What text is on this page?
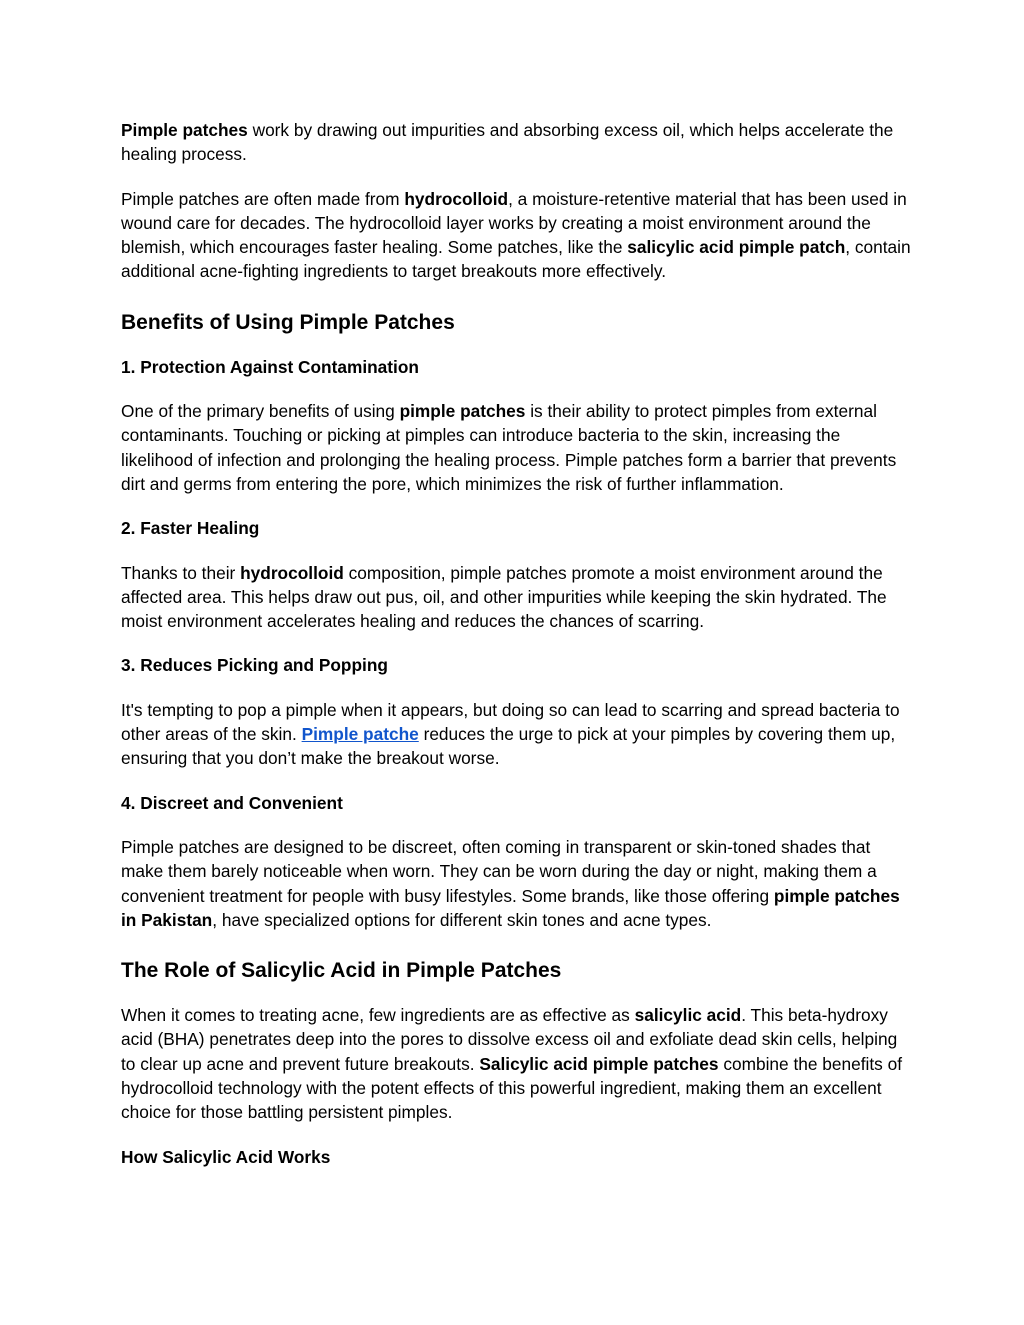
Pimple patches work by drawing out impurities and absorbing excess oil, which helps accelerate the healing process.

Pimple patches are often made from hydrocolloid, a moisture-retentive material that has been used in wound care for decades. The hydrocolloid layer works by creating a moist environment around the blemish, which encourages faster healing. Some patches, like the salicylic acid pimple patch, contain additional acne-fighting ingredients to target breakouts more effectively.

Benefits of Using Pimple Patches
1. Protection Against Contamination

One of the primary benefits of using pimple patches is their ability to protect pimples from external contaminants. Touching or picking at pimples can introduce bacteria to the skin, increasing the likelihood of infection and prolonging the healing process. Pimple patches form a barrier that prevents dirt and germs from entering the pore, which minimizes the risk of further inflammation.

2. Faster Healing

Thanks to their hydrocolloid composition, pimple patches promote a moist environment around the affected area. This helps draw out pus, oil, and other impurities while keeping the skin hydrated. The moist environment accelerates healing and reduces the chances of scarring.

3. Reduces Picking and Popping

It's tempting to pop a pimple when it appears, but doing so can lead to scarring and spread bacteria to other areas of the skin. Pimple patche reduces the urge to pick at your pimples by covering them up, ensuring that you don’t make the breakout worse.

4. Discreet and Convenient

Pimple patches are designed to be discreet, often coming in transparent or skin-toned shades that make them barely noticeable when worn. They can be worn during the day or night, making them a convenient treatment for people with busy lifestyles. Some brands, like those offering pimple patches in Pakistan, have specialized options for different skin tones and acne types.

The Role of Salicylic Acid in Pimple Patches

When it comes to treating acne, few ingredients are as effective as salicylic acid. This beta-hydroxy acid (BHA) penetrates deep into the pores to dissolve excess oil and exfoliate dead skin cells, helping to clear up acne and prevent future breakouts. Salicylic acid pimple patches combine the benefits of hydrocolloid technology with the potent effects of this powerful ingredient, making them an excellent choice for those battling persistent pimples.

How Salicylic Acid Works
